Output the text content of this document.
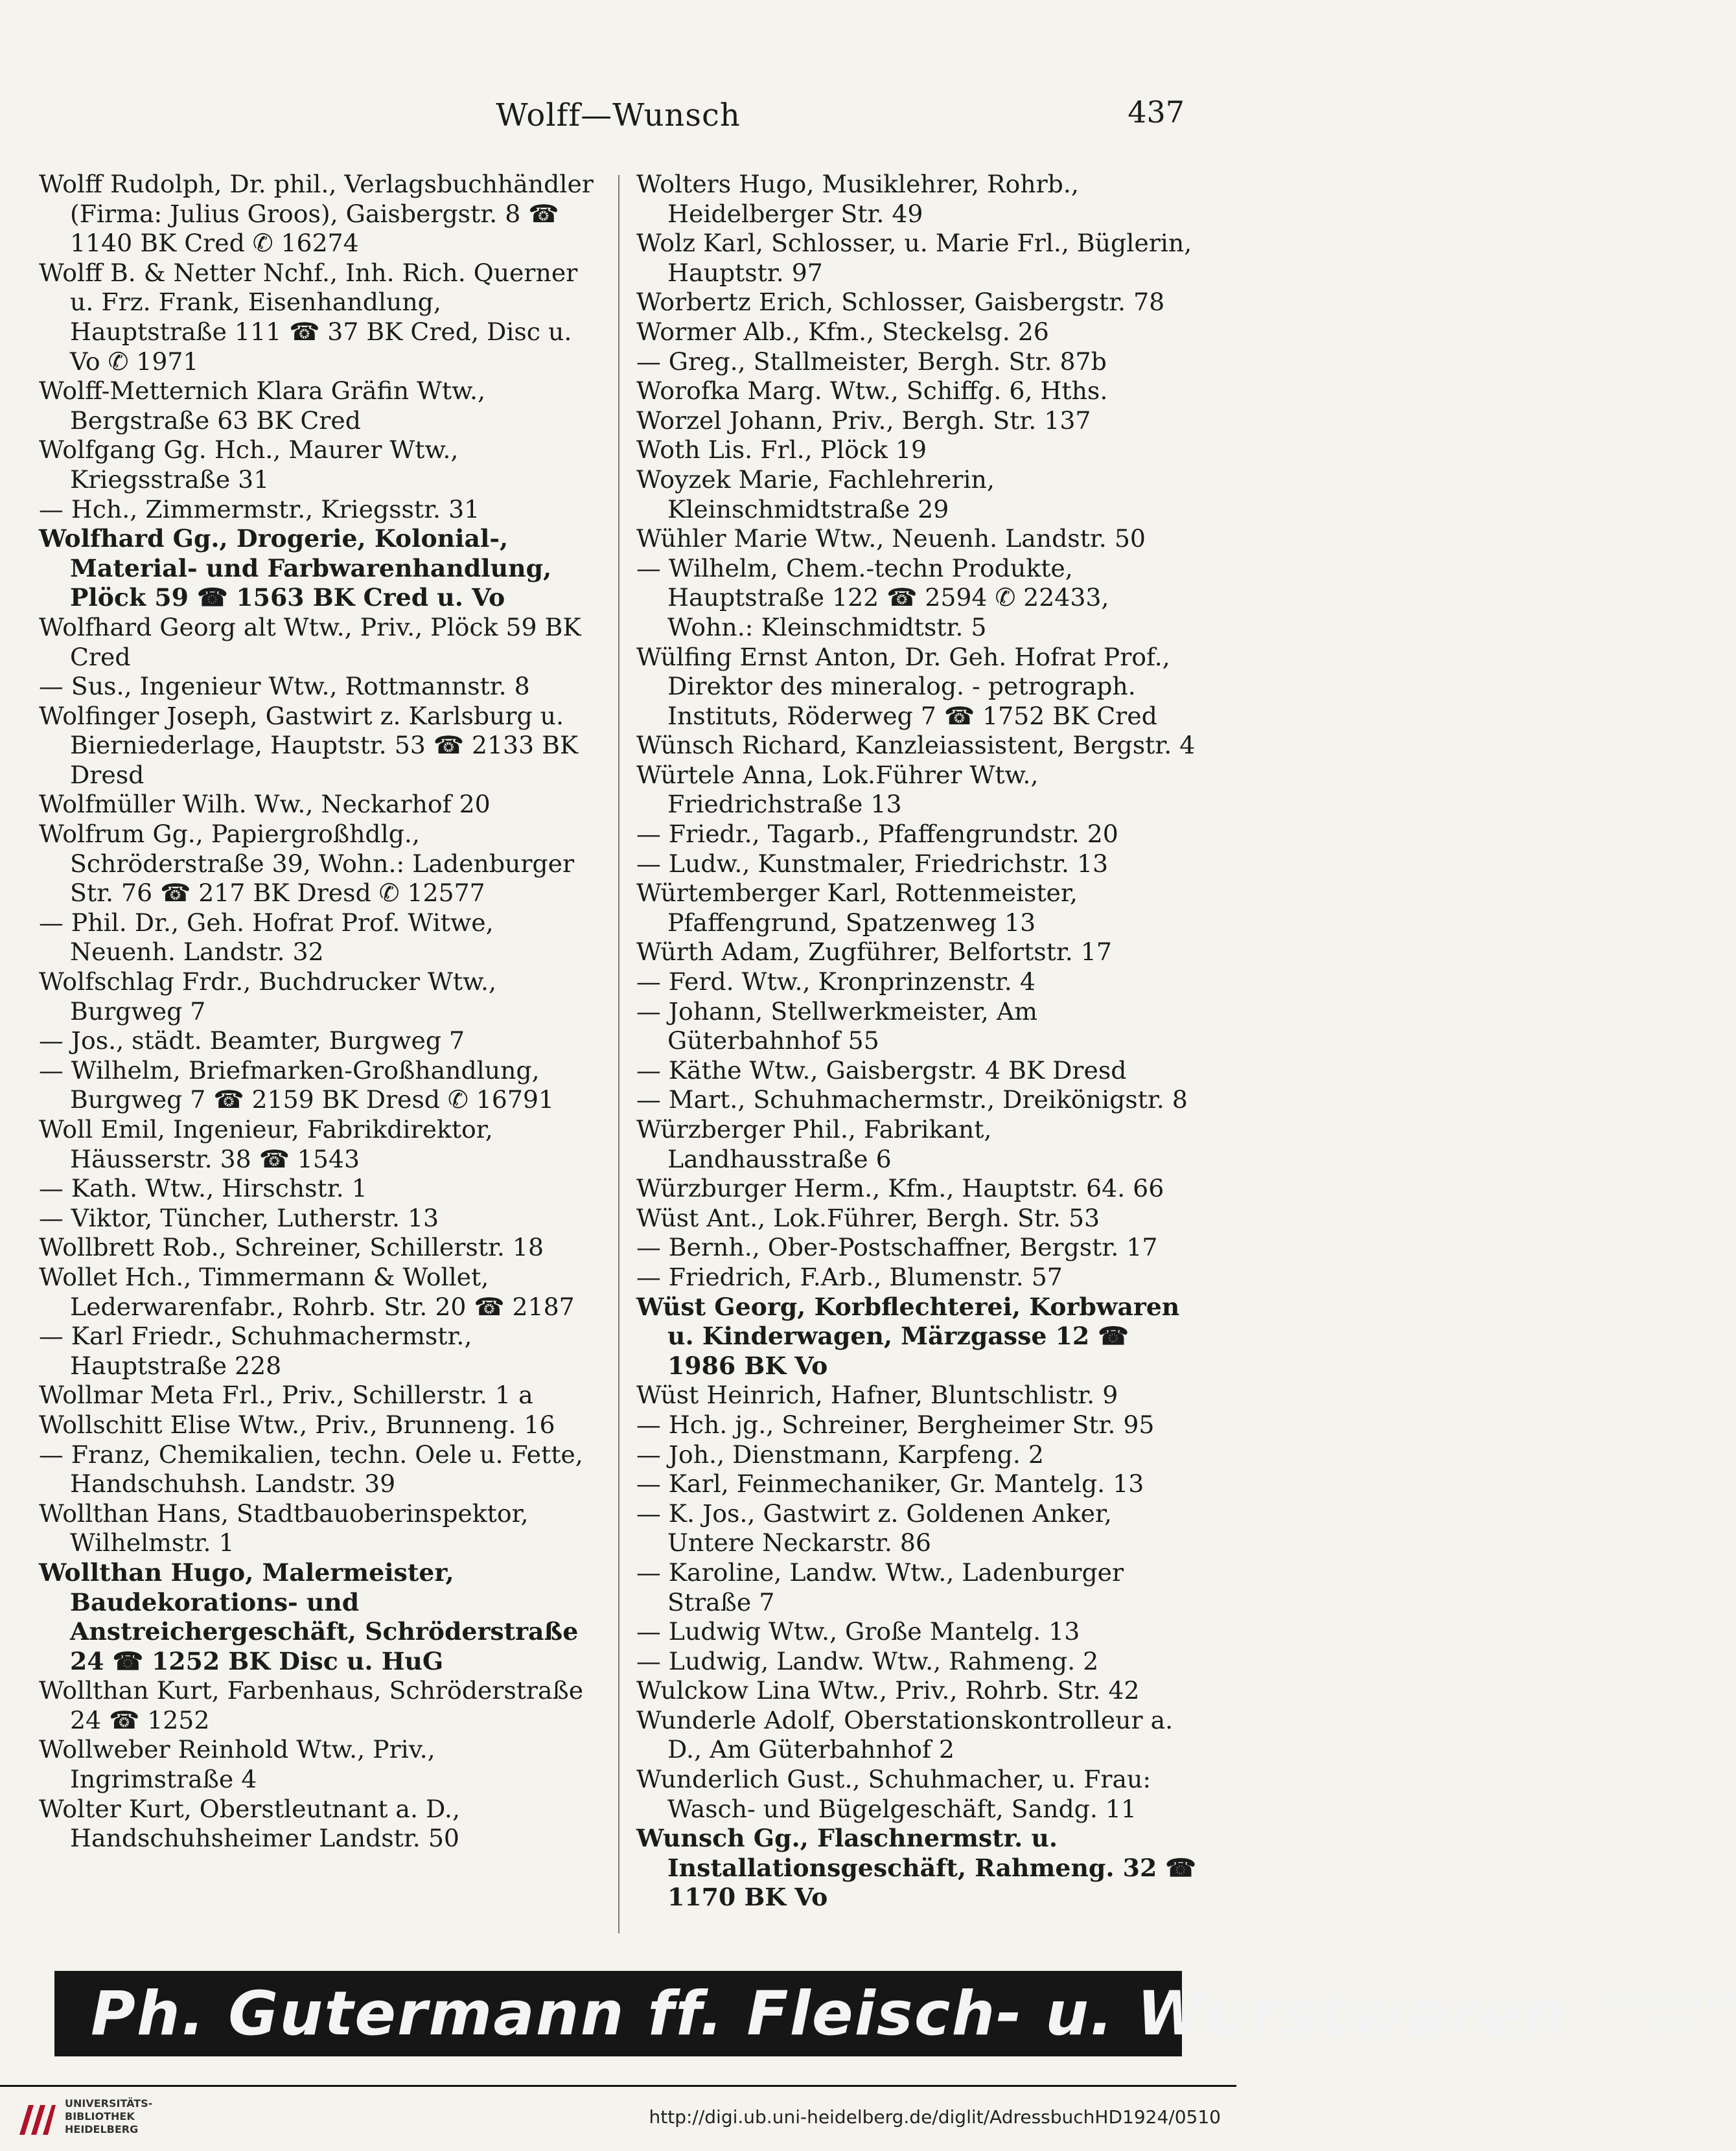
Wolff—Wunsch	437
Wolff Rudolph, Dr. phil., Verlagsbuchhändler (Firma: Julius Groos), Gaisbergstr. 8 ☎ 1140 BK Cred ✆ 16274
Wolff B. & Netter Nchf., Inh. Rich. Querner u. Frz. Frank, Eisenhandlung, Hauptstraße 111 ☎ 37 BK Cred, Disc u. Vo ✆ 1971
Wolff-Metternich Klara Gräfin Wtw., Bergstraße 63 BK Cred
Wolfgang Gg. Hch., Maurer Wtw., Kriegsstraße 31
— Hch., Zimmermstr., Kriegsstr. 31
Wolfhard Gg., Drogerie, Kolonial-, Material- und Farbwarenhandlung, Plöck 59 ☎ 1563 BK Cred u. Vo
Wolfhard Georg alt Wtw., Priv., Plöck 59 BK Cred
— Sus., Ingenieur Wtw., Rottmannstr. 8
Wolfinger Joseph, Gastwirt z. Karlsburg u. Bierniederlage, Hauptstr. 53 ☎ 2133 BK Dresd
Wolfmüller Wilh. Ww., Neckarhof 20
Wolfrum Gg., Papiergroßhdlg., Schröderstraße 39, Wohn.: Ladenburger Str. 76 ☎ 217 BK Dresd ✆ 12577
— Phil. Dr., Geh. Hofrat Prof. Witwe, Neuenh. Landstr. 32
Wolfschlag Frdr., Buchdrucker Wtw., Burgweg 7
— Jos., städt. Beamter, Burgweg 7
— Wilhelm, Briefmarken-Großhandlung, Burgweg 7 ☎ 2159 BK Dresd ✆ 16791
Woll Emil, Ingenieur, Fabrikdirektor, Häusserstr. 38 ☎ 1543
— Kath. Wtw., Hirschstr. 1
— Viktor, Tüncher, Lutherstr. 13
Wollbrett Rob., Schreiner, Schillerstr. 18
Wollet Hch., Timmermann & Wollet, Lederwarenfabr., Rohrb. Str. 20 ☎ 2187
— Karl Friedr., Schuhmachermstr., Hauptstraße 228
Wollmar Meta Frl., Priv., Schillerstr. 1 a
Wollschitt Elise Wtw., Priv., Brunneng. 16
— Franz, Chemikalien, techn. Oele u. Fette, Handschuhsh. Landstr. 39
Wollthan Hans, Stadtbauoberinspektor, Wilhelmstr. 1
Wollthan Hugo, Malermeister, Baudekorations- und Anstreichergeschäft, Schröderstraße 24 ☎ 1252 BK Disc u. HuG
Wollthan Kurt, Farbenhaus, Schröderstraße 24 ☎ 1252
Wollweber Reinhold Wtw., Priv., Ingrimstraße 4
Wolter Kurt, Oberstleutnant a. D., Handschuhsheimer Landstr. 50
Wolters Hugo, Musiklehrer, Rohrb., Heidelberger Str. 49
Wolz Karl, Schlosser, u. Marie Frl., Büglerin, Hauptstr. 97
Worbertz Erich, Schlosser, Gaisbergstr. 78
Wormer Alb., Kfm., Steckelsg. 26
— Greg., Stallmeister, Bergh. Str. 87b
Worofka Marg. Wtw., Schiffg. 6, Hths.
Worzel Johann, Priv., Bergh. Str. 137
Woth Lis. Frl., Plöck 19
Woyzek Marie, Fachlehrerin, Kleinschmidtstraße 29
Wühler Marie Wtw., Neuenh. Landstr. 50
— Wilhelm, Chem.-techn Produkte, Hauptstraße 122 ☎ 2594 ✆ 22433, Wohn.: Kleinschmidtstr. 5
Wülfing Ernst Anton, Dr. Geh. Hofrat Prof., Direktor des mineralog. - petrograph. Instituts, Röderweg 7 ☎ 1752 BK Cred
Wünsch Richard, Kanzleiassistent, Bergstr. 4
Würtele Anna, Lok.Führer Wtw., Friedrichstraße 13
— Friedr., Tagarb., Pfaffengrundstr. 20
— Ludw., Kunstmaler, Friedrichstr. 13
Würtemberger Karl, Rottenmeister, Pfaffengrund, Spatzenweg 13
Würth Adam, Zugführer, Belfortstr. 17
— Ferd. Wtw., Kronprinzenstr. 4
— Johann, Stellwerkmeister, Am Güterbahnhof 55
— Käthe Wtw., Gaisbergstr. 4 BK Dresd
— Mart., Schuhmachermstr., Dreikönigstr. 8
Würzberger Phil., Fabrikant, Landhausstraße 6
Würzburger Herm., Kfm., Hauptstr. 64. 66
Wüst Ant., Lok.Führer, Bergh. Str. 53
— Bernh., Ober-Postschaffner, Bergstr. 17
— Friedrich, F.Arb., Blumenstr. 57
Wüst Georg, Korbflechterei, Korbwaren u. Kinderwagen, Märzgasse 12 ☎ 1986 BK Vo
Wüst Heinrich, Hafner, Bluntschlistr. 9
— Hch. jg., Schreiner, Bergheimer Str. 95
— Joh., Dienstmann, Karpfeng. 2
— Karl, Feinmechaniker, Gr. Mantelg. 13
— K. Jos., Gastwirt z. Goldenen Anker, Untere Neckarstr. 86
— Karoline, Landw. Wtw., Ladenburger Straße 7
— Ludwig Wtw., Große Mantelg. 13
— Ludwig, Landw. Wtw., Rahmeng. 2
Wulckow Lina Wtw., Priv., Rohrb. Str. 42
Wunderle Adolf, Oberstationskontrolleur a. D., Am Güterbahnhof 2
Wunderlich Gust., Schuhmacher, u. Frau: Wasch- und Bügelgeschäft, Sandg. 11
Wunsch Gg., Flaschnermstr. u. Installationsgeschäft, Rahmeng. 32 ☎ 1170 BK Vo
Ph. Gutermann ff. Fleisch- u. Wurstwaren HAUPTSTR
120
UNIVERSITÄTS-
BIBLIOTHEK
HEIDELBERG
http://digi.ub.uni-heidelberg.de/diglit/AdressbuchHD1924/0510
